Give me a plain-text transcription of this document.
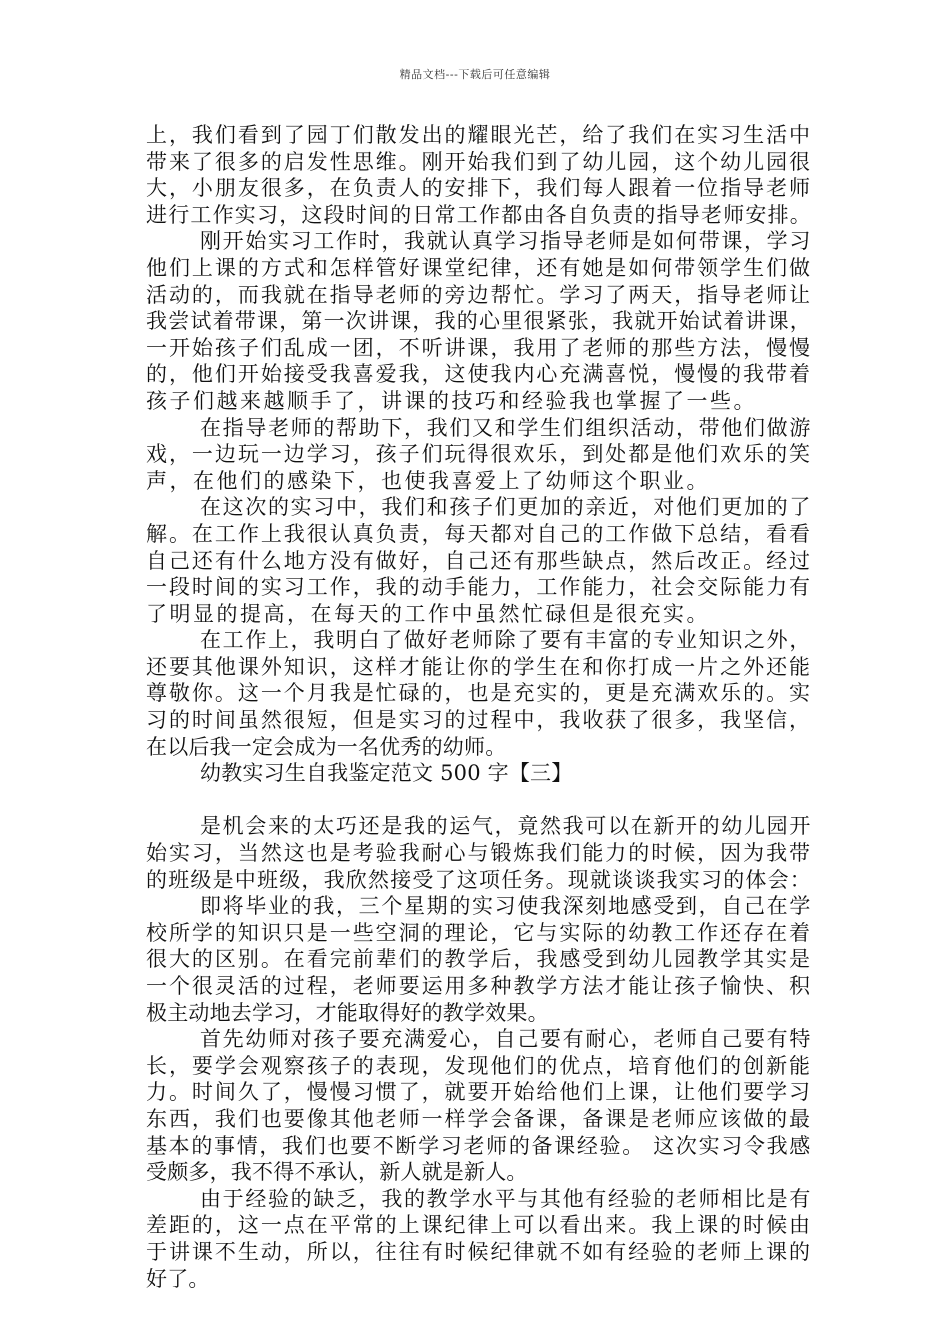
精品文档---下载后可任意编辑
上，我们看到了园丁们散发出的耀眼光芒，给了我们在实习生活中
带来了很多的启发性思维。刚开始我们到了幼儿园，这个幼儿园很
大，小朋友很多，在负责人的安排下，我们每人跟着一位指导老师
进行工作实习，这段时间的日常工作都由各自负责的指导老师安排。
刚开始实习工作时，我就认真学习指导老师是如何带课，学习
他们上课的方式和怎样管好课堂纪律，还有她是如何带领学生们做
活动的，而我就在指导老师的旁边帮忙。学习了两天，指导老师让
我尝试着带课，第一次讲课，我的心里很紧张，我就开始试着讲课，
一开始孩子们乱成一团，不听讲课，我用了老师的那些方法，慢慢
的，他们开始接受我喜爱我，这使我内心充满喜悦，慢慢的我带着
孩子们越来越顺手了，讲课的技巧和经验我也掌握了一些。
在指导老师的帮助下，我们又和学生们组织活动，带他们做游
戏，一边玩一边学习，孩子们玩得很欢乐，到处都是他们欢乐的笑
声，在他们的感染下，也使我喜爱上了幼师这个职业。
在这次的实习中，我们和孩子们更加的亲近，对他们更加的了
解。在工作上我很认真负责，每天都对自己的工作做下总结，看看
自己还有什么地方没有做好，自己还有那些缺点，然后改正。经过
一段时间的实习工作，我的动手能力，工作能力，社会交际能力有
了明显的提高，在每天的工作中虽然忙碌但是很充实。
在工作上，我明白了做好老师除了要有丰富的专业知识之外，
还要其他课外知识，这样才能让你的学生在和你打成一片之外还能
尊敬你。这一个月我是忙碌的，也是充实的，更是充满欢乐的。实
习的时间虽然很短，但是实习的过程中，我收获了很多，我坚信，
在以后我一定会成为一名优秀的幼师。
幼教实习生自我鉴定范文 500 字【三】
是机会来的太巧还是我的运气，竟然我可以在新开的幼儿园开
始实习，当然这也是考验我耐心与锻炼我们能力的时候，因为我带
的班级是中班级，我欣然接受了这项任务。现就谈谈我实习的体会：
即将毕业的我，三个星期的实习使我深刻地感受到，自己在学
校所学的知识只是一些空洞的理论，它与实际的幼教工作还存在着
很大的区别。在看完前辈们的教学后，我感受到幼儿园教学其实是
一个很灵活的过程，老师要运用多种教学方法才能让孩子愉快、积
极主动地去学习，才能取得好的教学效果。
首先幼师对孩子要充满爱心，自己要有耐心，老师自己要有特
长，要学会观察孩子的表现，发现他们的优点，培育他们的创新能
力。时间久了，慢慢习惯了，就要开始给他们上课，让他们要学习
东西，我们也要像其他老师一样学会备课，备课是老师应该做的最
基本的事情，我们也要不断学习老师的备课经验。 这次实习令我感
受颇多，我不得不承认，新人就是新人。
由于经验的缺乏，我的教学水平与其他有经验的老师相比是有
差距的，这一点在平常的上课纪律上可以看出来。我上课的时候由
于讲课不生动，所以，往往有时候纪律就不如有经验的老师上课的
好了。
